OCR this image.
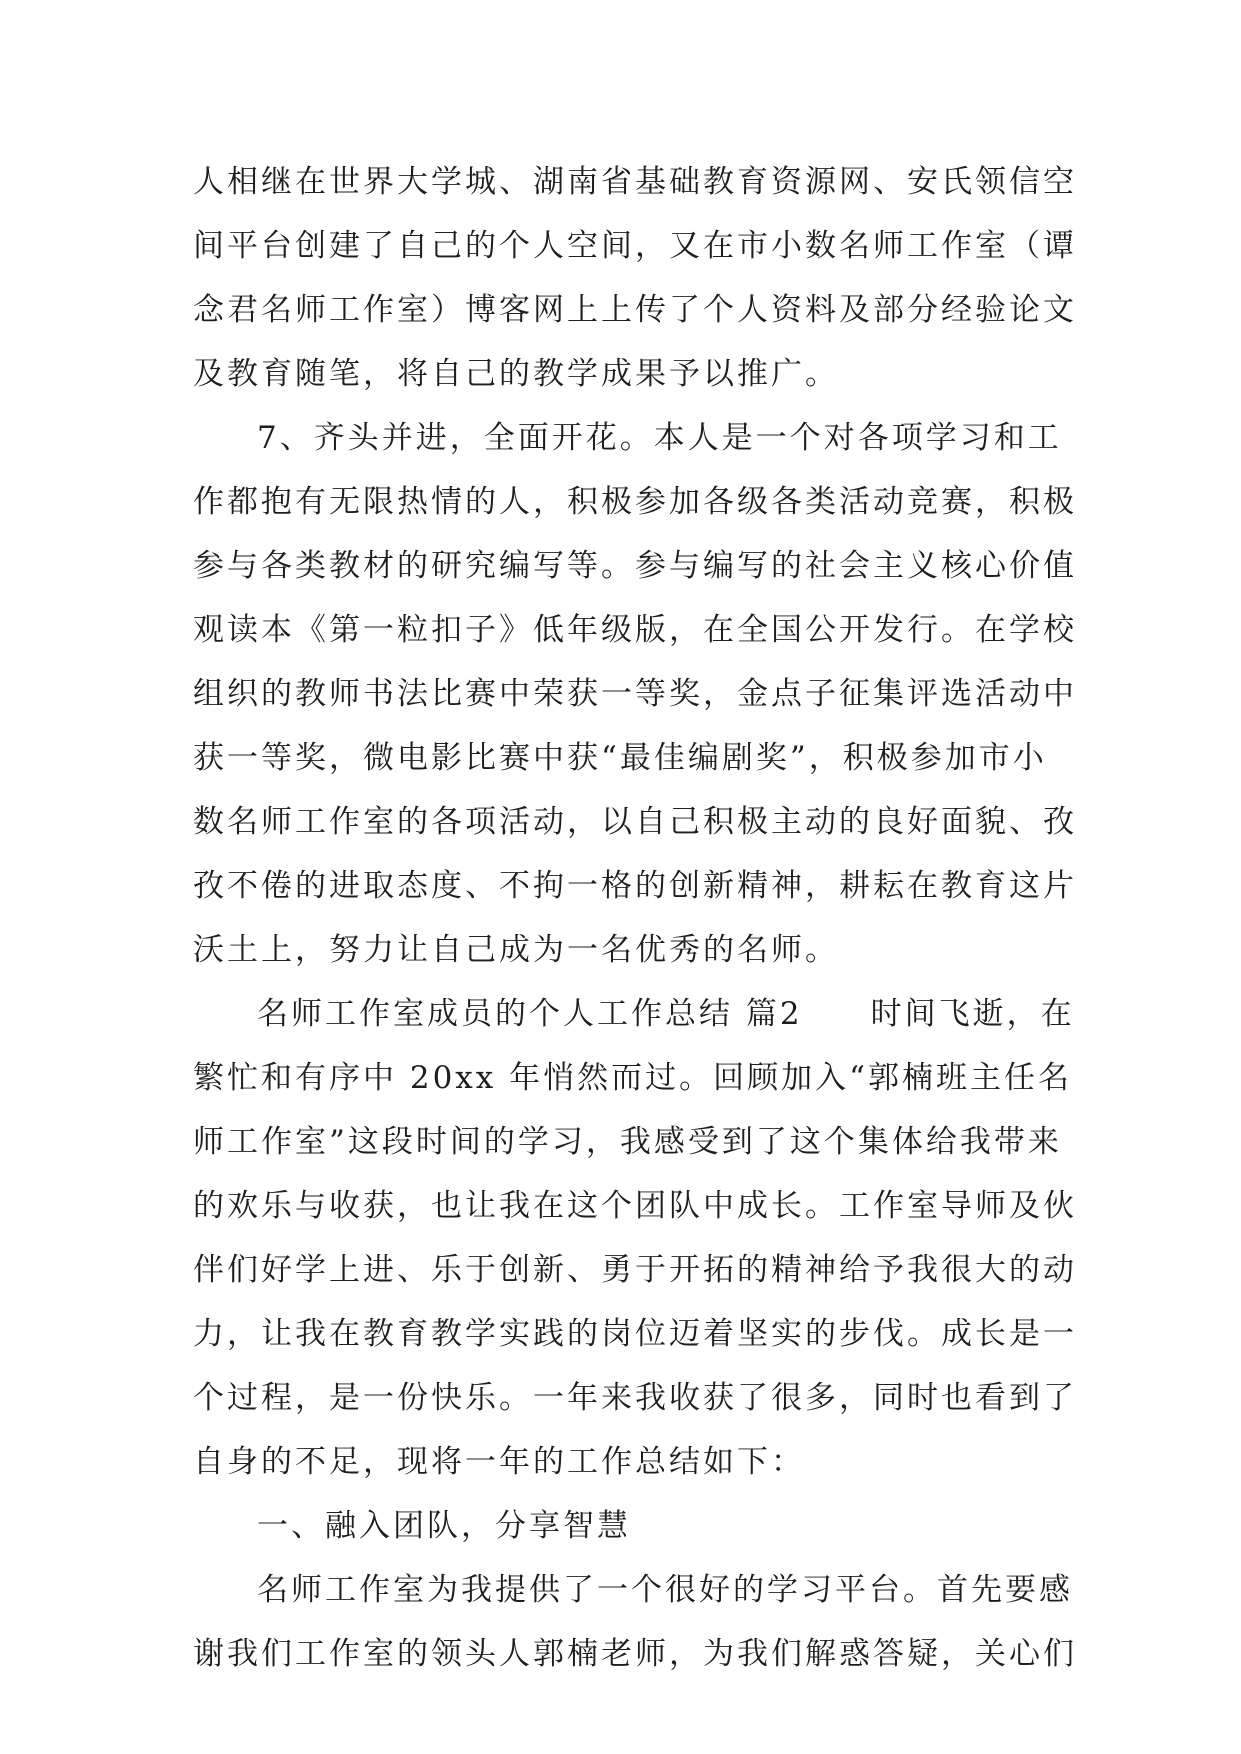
人相继在世界大学城、湖南省基础教育资源网、安氏领信空
间平台创建了自己的个人空间，又在市小数名师工作室（谭
念君名师工作室）博客网上上传了个人资料及部分经验论文
及教育随笔，将自己的教学成果予以推广。
7、齐头并进，全面开花。本人是一个对各项学习和工
作都抱有无限热情的人，积极参加各级各类活动竞赛，积极
参与各类教材的研究编写等。参与编写的社会主义核心价值
观读本《第一粒扣子》低年级版，在全国公开发行。在学校
组织的教师书法比赛中荣获一等奖，金点子征集评选活动中
获一等奖，微电影比赛中获“最佳编剧奖”，积极参加市小
数名师工作室的各项活动，以自己积极主动的良好面貌、孜
孜不倦的进取态度、不拘一格的创新精神，耕耘在教育这片
沃土上，努力让自己成为一名优秀的名师。
名师工作室成员的个人工作总结 篇2　　时间飞逝，在
繁忙和有序中 20xx 年悄然而过。回顾加入“郭楠班主任名
师工作室”这段时间的学习，我感受到了这个集体给我带来
的欢乐与收获，也让我在这个团队中成长。工作室导师及伙
伴们好学上进、乐于创新、勇于开拓的精神给予我很大的动
力，让我在教育教学实践的岗位迈着坚实的步伐。成长是一
个过程，是一份快乐。一年来我收获了很多，同时也看到了
自身的不足，现将一年的工作总结如下：
一、融入团队，分享智慧
名师工作室为我提供了一个很好的学习平台。首先要感
谢我们工作室的领头人郭楠老师，为我们解惑答疑，关心们
